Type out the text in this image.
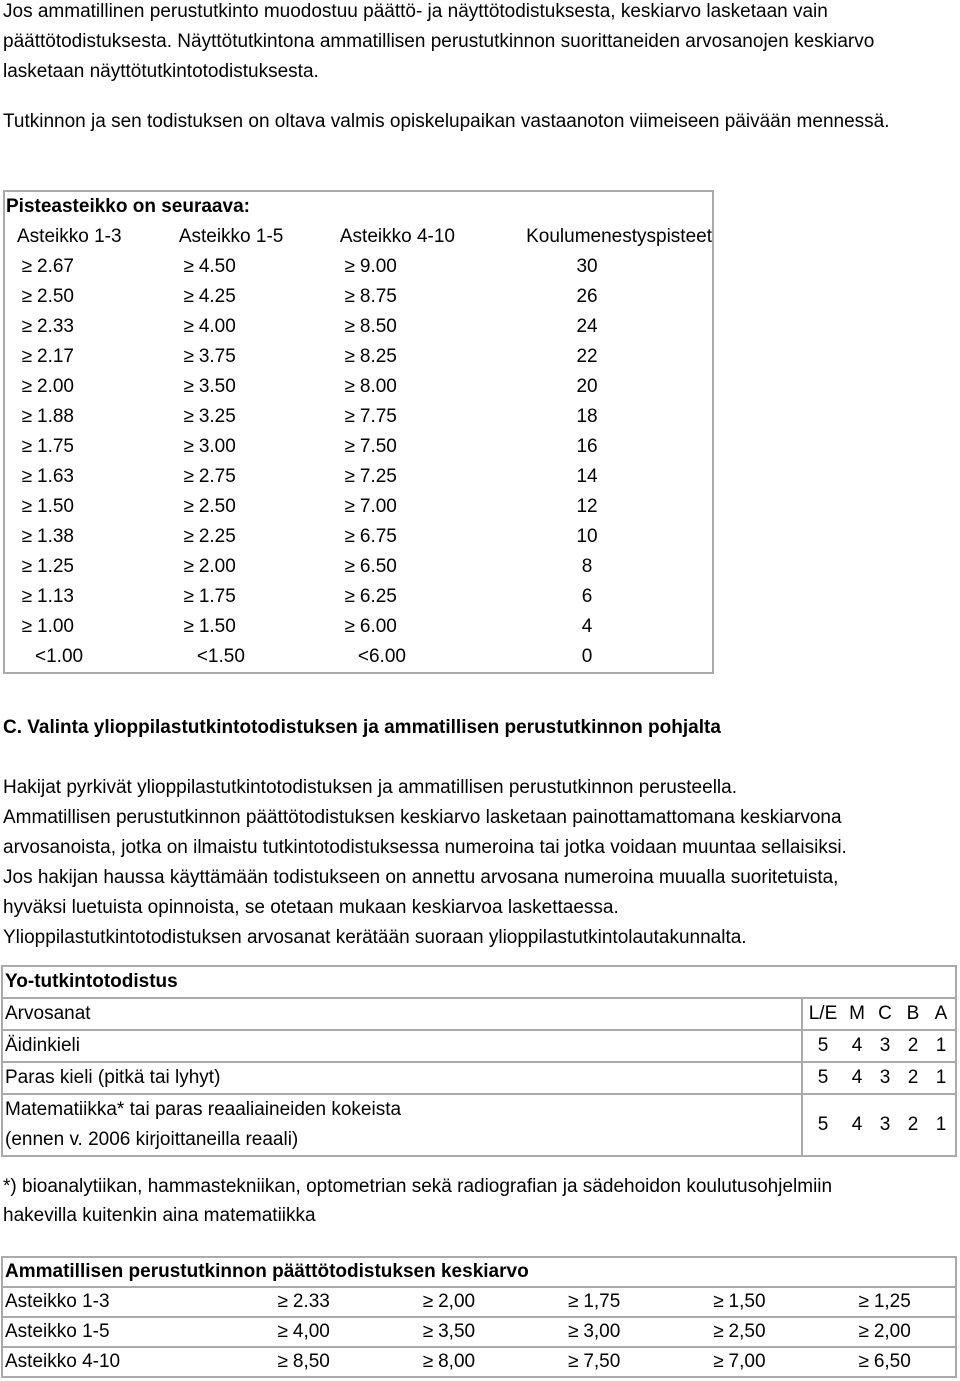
Jos ammatillinen perustutkinto muodostuu päättö- ja näyttötodistuksesta, keskiarvo lasketaan vain päättötodistuksesta. Näyttötutkintona ammatillisen perustutkinnon suorittaneiden arvosanojen keskiarvo lasketaan näyttötutkintotodistuksesta.

Tutkinnon ja sen todistuksen on oltava valmis opiskelupaikan vastaanoton viimeiseen päivään mennessä.

Pisteasteikko on seuraava:			
Asteikko 1-3	Asteikko 1-5	Asteikko 4-10	Koulumenestyspisteet
≥ 2.67	≥ 4.50	≥ 9.00	30
≥ 2.50	≥ 4.25	≥ 8.75	26
≥ 2.33	≥ 4.00	≥ 8.50	24
≥ 2.17	≥ 3.75	≥ 8.25	22
≥ 2.00	≥ 3.50	≥ 8.00	20
≥ 1.88	≥ 3.25	≥ 7.75	18
≥ 1.75	≥ 3.00	≥ 7.50	16
≥ 1.63	≥ 2.75	≥ 7.25	14
≥ 1.50	≥ 2.50	≥ 7.00	12
≥ 1.38	≥ 2.25	≥ 6.75	10
≥ 1.25	≥ 2.00	≥ 6.50	8
≥ 1.13	≥ 1.75	≥ 6.25	6
≥ 1.00	≥ 1.50	≥ 6.00	4
<1.00	<1.50	<6.00	0

C. Valinta ylioppilastutkintotodistuksen ja ammatillisen perustutkinnon pohjalta

Hakijat pyrkivät ylioppilastutkintotodistuksen ja ammatillisen perustutkinnon perusteella.
Ammatillisen perustutkinnon päättötodistuksen keskiarvo lasketaan painottamattomana keskiarvona
arvosanoista, jotka on ilmaistu tutkintotodistuksessa numeroina tai jotka voidaan muuntaa sellaisiksi.
Jos hakijan haussa käyttämään todistukseen on annettu arvosana numeroina muualla suoritetuista,
hyväksi luetuista opinnoista, se otetaan mukaan keskiarvoa laskettaessa.
Ylioppilastutkintotodistuksen arvosanat kerätään suoraan ylioppilastutkintolautakunnalta.
Yo-tutkintotodistus					
Arvosanat	L/E	M	C	B	A
Äidinkieli	5	4	3	2	1
Paras kieli (pitkä tai lyhyt)	5	4	3	2	1

Matematiikka* tai paras reaaliaineiden kokeista
(ennen v. 2006 kirjoittaneilla reaali)	5	4	3	2	1

*) bioanalytiikan, hammastekniikan, optometrian sekä radiografian ja sädehoidon koulutusohjelmiin

hakevilla kuitenkin aina matematiikka

Ammatillisen perustutkinnon päättötodistuksen keskiarvo					
Asteikko 1-3	≥ 2.33	≥ 2,00	≥ 1,75	≥ 1,50	≥ 1,25
Asteikko 1-5	≥ 4,00	≥ 3,50	≥ 3,00	≥ 2,50	≥ 2,00
Asteikko 4-10	≥ 8,50	≥ 8,00	≥ 7,50	≥ 7,00	≥ 6,50
